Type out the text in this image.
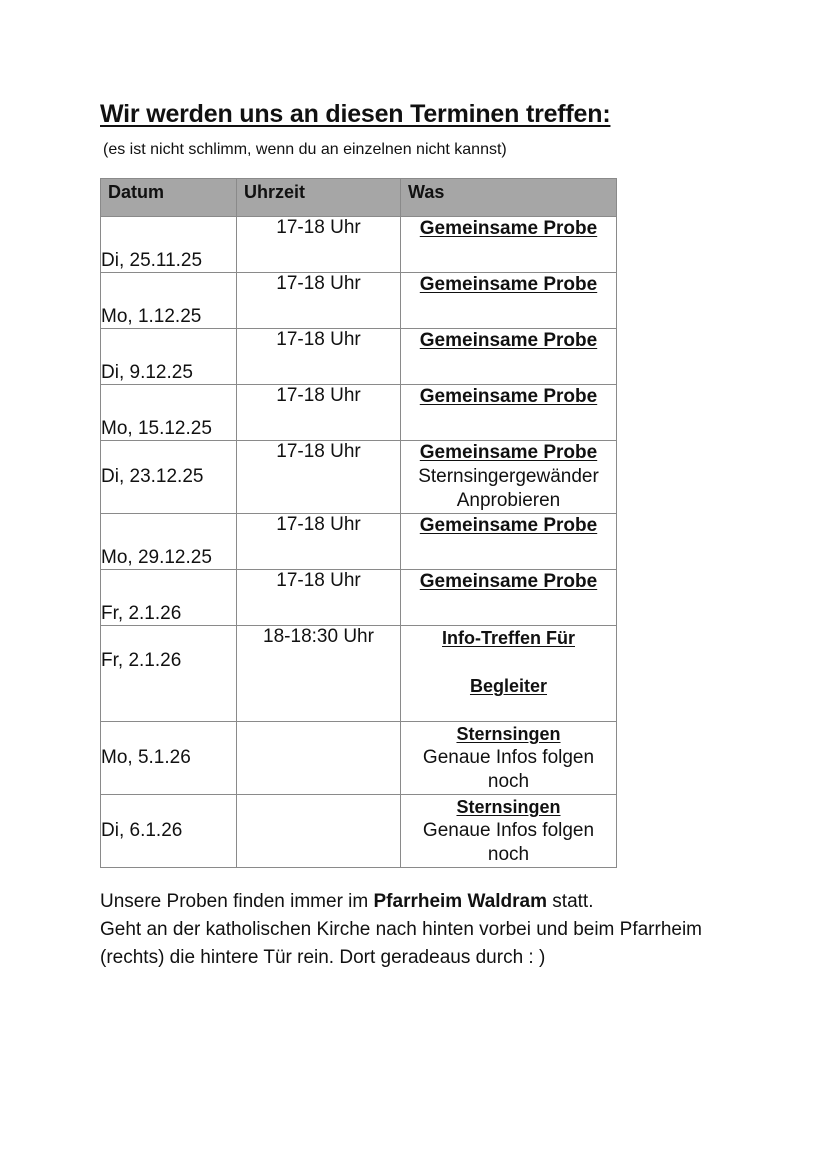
Wir werden uns an diesen Terminen treffen:

(es ist nicht schlimm, wenn du an einzelnen nicht kannst)

Datum	Uhrzeit	Was
Di, 25.11.25	17-18 Uhr	Gemeinsame Probe

Mo, 1.12.25	17-18 Uhr	Gemeinsame Probe

Di, 9.12.25	17-18 Uhr	Gemeinsame Probe

Mo, 15.12.25	17-18 Uhr	Gemeinsame Probe

Di, 23.12.25	17-18 Uhr	Gemeinsame Probe
Sternsingergewänder
Anprobieren

Mo, 29.12.25	17-18 Uhr	Gemeinsame Probe

Fr, 2.1.26	17-18 Uhr	Gemeinsame Probe

Fr, 2.1.26	18-18:30 Uhr	Info-Treffen Für
Begleiter

Mo, 5.1.26		Sternsingen
Genaue Infos folgen
noch

Di, 6.1.26		Sternsingen
Genaue Infos folgen
noch
Unsere Proben finden immer im Pfarrheim Waldram statt.
Geht an der katholischen Kirche nach hinten vorbei und beim Pfarrheim (rechts) die hintere Tür rein. Dort geradeaus durch : )
